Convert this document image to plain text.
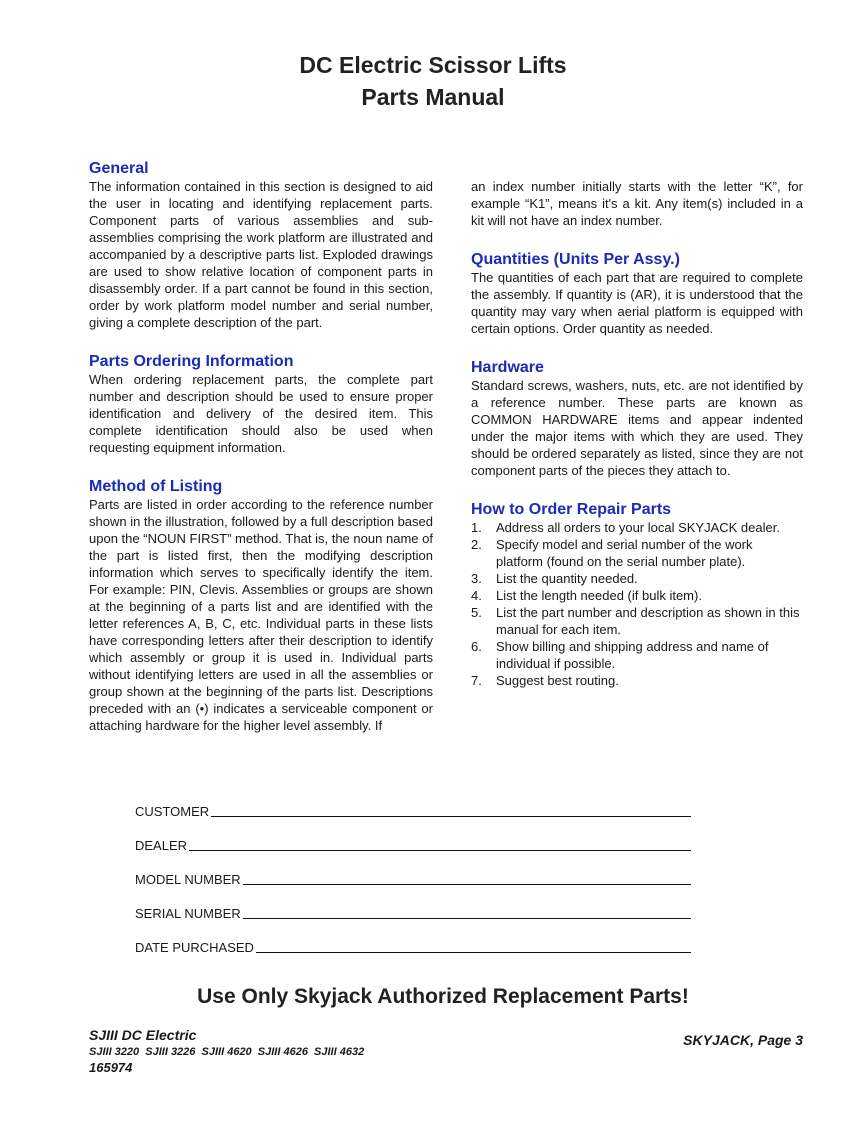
DC Electric Scissor Lifts
Parts Manual
General

The information contained in this section is designed to aid the user in locating and identifying replacement parts. Component parts of various assemblies and sub-assemblies comprising the work platform are illustrated and accompanied by a descriptive parts list. Exploded drawings are used to show relative location of component parts in disassembly order. If a part cannot be found in this section, order by work platform model number and serial number, giving a complete description of the part.

Parts Ordering Information

When ordering replacement parts, the complete part number and description should be used to ensure proper identification and delivery of the desired item. This complete identification should also be used when requesting equipment information.

Method of Listing

Parts are listed in order according to the reference number shown in the illustration, followed by a full description based upon the “NOUN FIRST” method. That is, the noun name of the part is listed first, then the modifying description information which serves to specifically identify the item. For example: PIN, Clevis. Assemblies or groups are shown at the beginning of a parts list and are identified with the letter references A, B, C, etc. Individual parts in these lists have corresponding letters after their description to identify which assembly or group it is used in. Individual parts without identifying letters are used in all the assemblies or group shown at the beginning of the parts list. Descriptions preceded with an (•) indicates a serviceable component or attaching hardware for the higher level assembly. If

an index number initially starts with the letter “K”, for example “K1”, means it's a kit. Any item(s) included in a kit will not have an index number.

Quantities (Units Per Assy.)

The quantities of each part that are required to complete the assembly. If quantity is (AR), it is understood that the quantity may vary when aerial platform is equipped with certain options. Order quantity as needed.

Hardware

Standard screws, washers, nuts, etc. are not identified by a reference number. These parts are known as COMMON HARDWARE items and appear indented under the major items with which they are used. They should be ordered separately as listed, since they are not component parts of the pieces they attach to.

How to Order Repair Parts
1. Address all orders to your local SKYJACK dealer.
2. Specify model and serial number of the work platform (found on the serial number plate).
3. List the quantity needed.
4. List the length needed (if bulk item).
5. List the part number and description as shown in this manual for each item.
6. Show billing and shipping address and name of individual if possible.
7. Suggest best routing.
CUSTOMER
DEALER
MODEL NUMBER
SERIAL NUMBER
DATE PURCHASED
Use Only Skyjack Authorized Replacement Parts!
SJIII DC Electric
SJIII 3220  SJIII 3226  SJIII 4620  SJIII 4626  SJIII 4632
165974
SKYJACK, Page 3
